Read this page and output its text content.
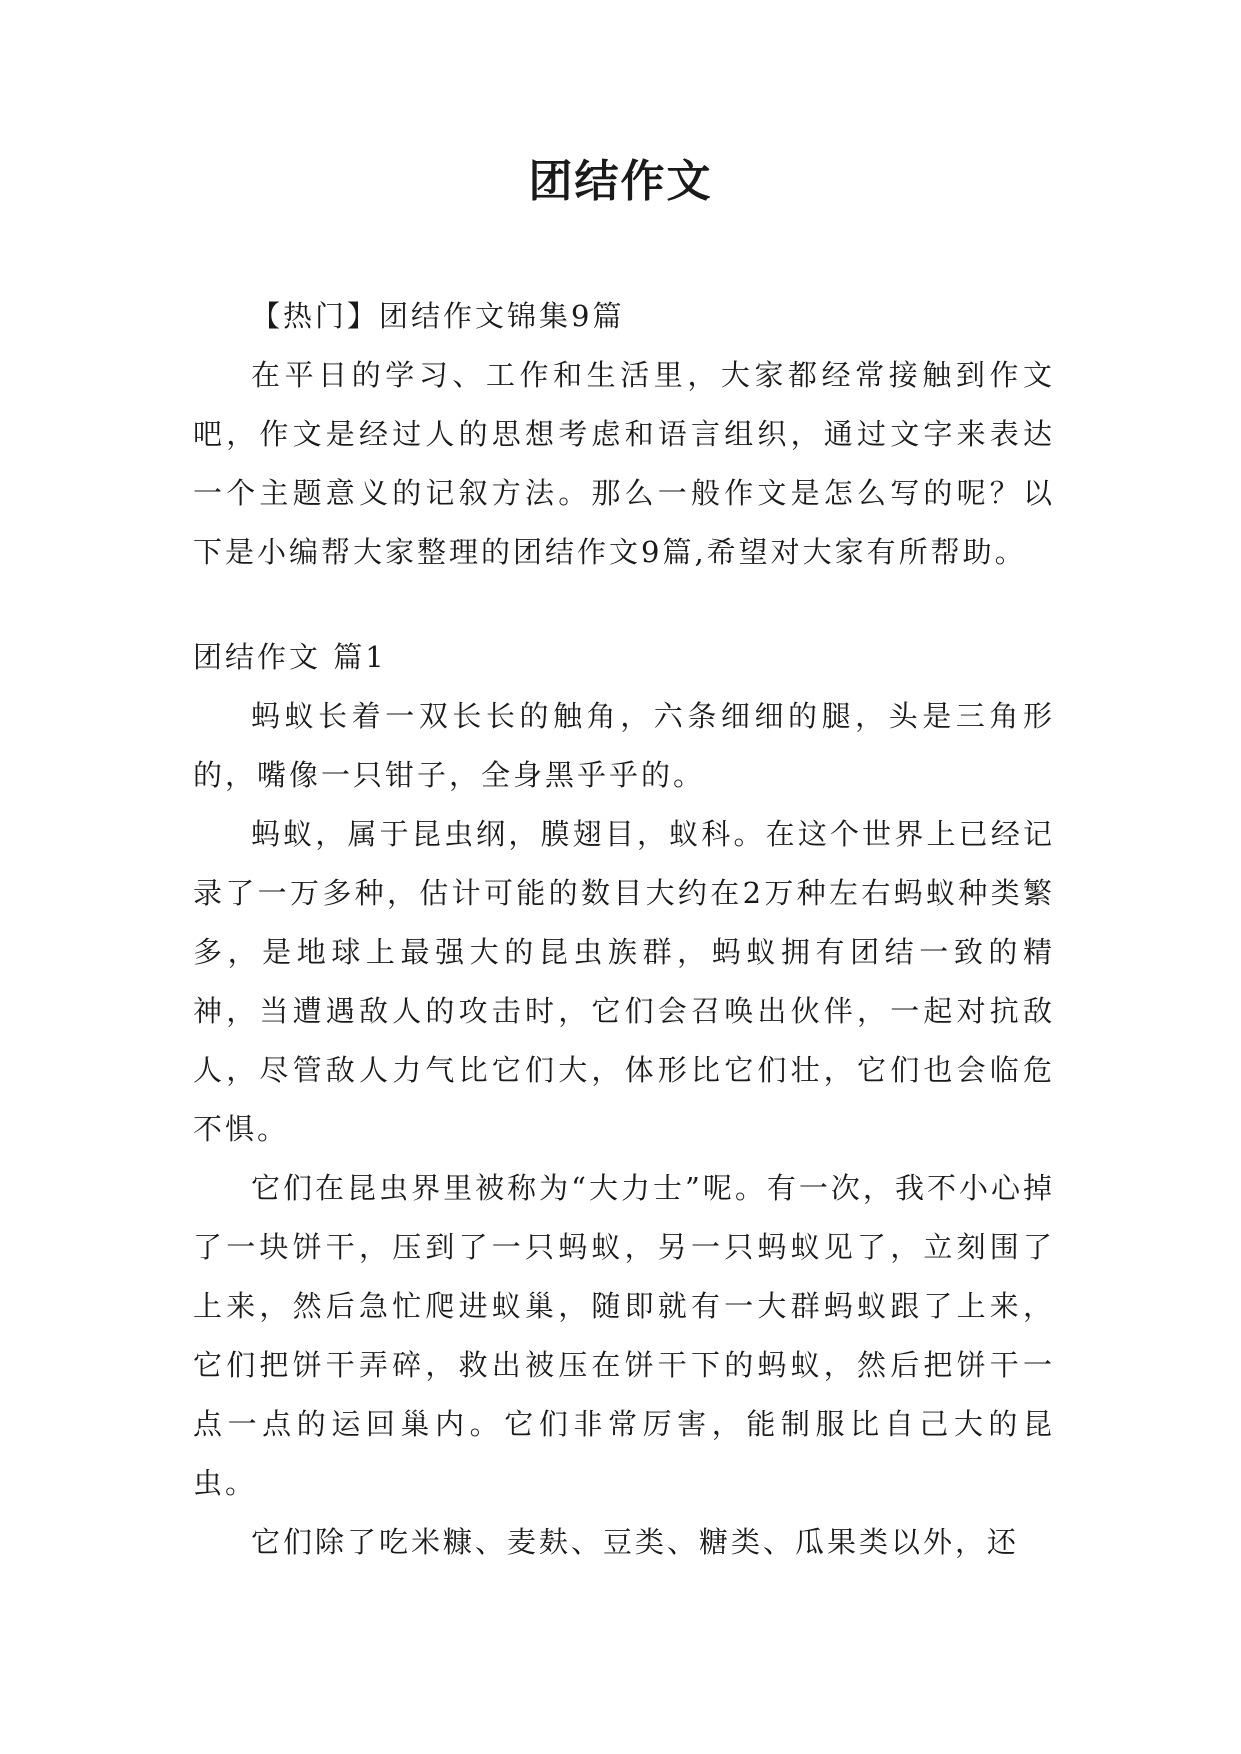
团结作文

【热门】团结作文锦集9篇

在平日的学习、工作和生活里，大家都经常接触到作文吧，作文是经过人的思想考虑和语言组织，通过文字来表达一个主题意义的记叙方法。那么一般作文是怎么写的呢？以下是小编帮大家整理的团结作文9篇,希望对大家有所帮助。

团结作文 篇1

蚂蚁长着一双长长的触角，六条细细的腿，头是三角形的，嘴像一只钳子，全身黑乎乎的。

蚂蚁，属于昆虫纲，膜翅目，蚁科。在这个世界上已经记录了一万多种，估计可能的数目大约在2万种左右蚂蚁种类繁多，是地球上最强大的昆虫族群，蚂蚁拥有团结一致的精神，当遭遇敌人的攻击时，它们会召唤出伙伴，一起对抗敌人，尽管敌人力气比它们大，体形比它们壮，它们也会临危不惧。

它们在昆虫界里被称为“大力士”呢。有一次，我不小心掉了一块饼干，压到了一只蚂蚁，另一只蚂蚁见了，立刻围了上来，然后急忙爬进蚁巢，随即就有一大群蚂蚁跟了上来，它们把饼干弄碎，救出被压在饼干下的蚂蚁，然后把饼干一点一点的运回巢内。它们非常厉害，能制服比自己大的昆虫。

它们除了吃米糠、麦麸、豆类、糖类、瓜果类以外，还
